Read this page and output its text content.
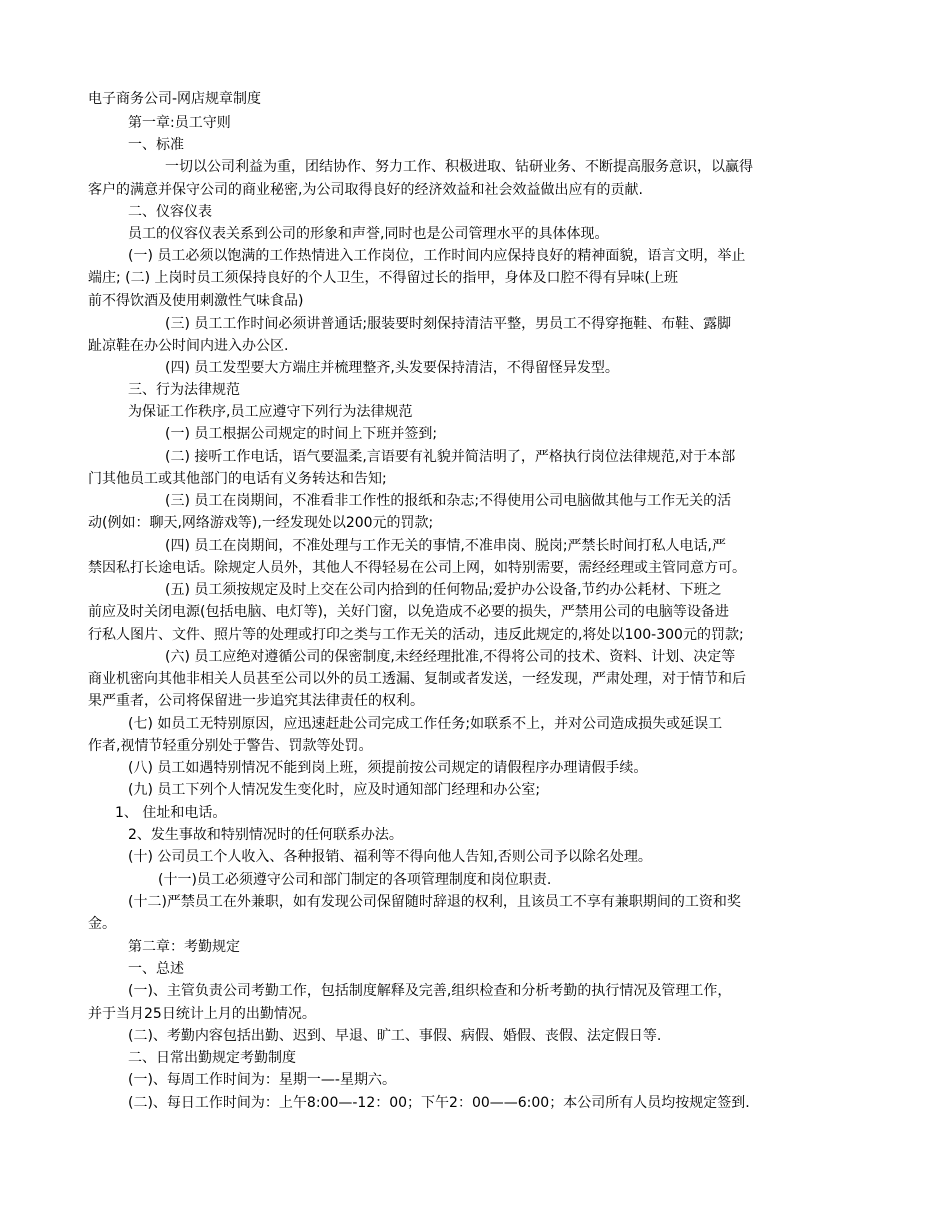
电子商务公司-网店规章制度
第一章:员工守则
一、标准
一切以公司利益为重，团结协作、努力工作、积极进取、钻研业务、不断提高服务意识，以赢得
客户的满意并保守公司的商业秘密,为公司取得良好的经济效益和社会效益做出应有的贡献.
二、仪容仪表
员工的仪容仪表关系到公司的形象和声誉,同时也是公司管理水平的具体体现。
(一) 员工必须以饱满的工作热情进入工作岗位，工作时间内应保持良好的精神面貌，语言文明，举止
端庄; (二) 上岗时员工须保持良好的个人卫生，不得留过长的指甲，身体及口腔不得有异味(上班
前不得饮酒及使用刺激性气味食品)
(三) 员工工作时间必须讲普通话;服装要时刻保持清洁平整，男员工不得穿拖鞋、布鞋、露脚
趾凉鞋在办公时间内进入办公区.
(四) 员工发型要大方端庄并梳理整齐,头发要保持清洁，不得留怪异发型。
三、行为法律规范
为保证工作秩序,员工应遵守下列行为法律规范
(一) 员工根据公司规定的时间上下班并签到;
(二) 接听工作电话，语气要温柔,言语要有礼貌并简洁明了，严格执行岗位法律规范,对于本部
门其他员工或其他部门的电话有义务转达和告知;
(三) 员工在岗期间，不准看非工作性的报纸和杂志;不得使用公司电脑做其他与工作无关的活
动(例如：聊天,网络游戏等),一经发现处以200元的罚款;
(四) 员工在岗期间，不准处理与工作无关的事情,不准串岗、脱岗;严禁长时间打私人电话,严
禁因私打长途电话。除规定人员外，其他人不得轻易在公司上网，如特别需要，需经经理或主管同意方可。
(五) 员工须按规定及时上交在公司内拾到的任何物品;爱护办公设备,节约办公耗材、下班之
前应及时关闭电源(包括电脑、电灯等)，关好门窗，以免造成不必要的损失，严禁用公司的电脑等设备进
行私人图片、文件、照片等的处理或打印之类与工作无关的活动，违反此规定的,将处以100-300元的罚款;
(六) 员工应绝对遵循公司的保密制度,未经经理批准,不得将公司的技术、资料、计划、决定等
商业机密向其他非相关人员甚至公司以外的员工透漏、复制或者发送，一经发现，严肃处理，对于情节和后
果严重者，公司将保留进一步追究其法律责任的权利。
(七) 如员工无特别原因，应迅速赶赴公司完成工作任务;如联系不上，并对公司造成损失或延误工
作者,视情节轻重分别处于警告、罚款等处罚。
(八) 员工如遇特别情况不能到岗上班，须提前按公司规定的请假程序办理请假手续。
(九) 员工下列个人情况发生变化时，应及时通知部门经理和办公室;
1、 住址和电话。
2、发生事故和特别情况时的任何联系办法。
(十) 公司员工个人收入、各种报销、福利等不得向他人告知,否则公司予以除名处理。
(十一)员工必须遵守公司和部门制定的各项管理制度和岗位职责.
(十二)严禁员工在外兼职，如有发现公司保留随时辞退的权利，且该员工不享有兼职期间的工资和奖
金。
第二章：考勤规定
一、总述
(一)、主管负责公司考勤工作，包括制度解释及完善,组织检查和分析考勤的执行情况及管理工作，
并于当月25日统计上月的出勤情况。
(二)、考勤内容包括出勤、迟到、早退、旷工、事假、病假、婚假、丧假、法定假日等.
二、日常出勤规定考勤制度
(一)、每周工作时间为：星期一—-星期六。
(二)、每日工作时间为：上午8:00—-12：00；下午2：00——6:00；本公司所有人员均按规定签到.
